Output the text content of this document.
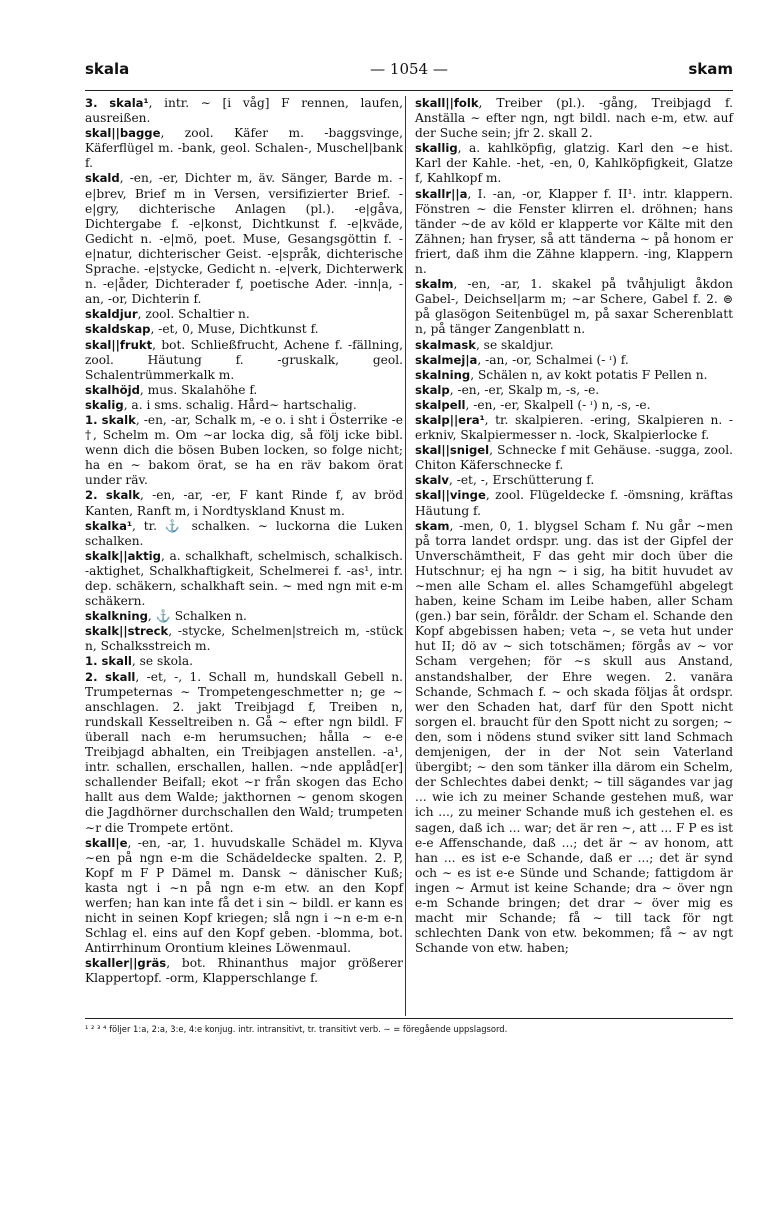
skala	— 1054 —	skam

3. skala¹, intr. ∼ [i våg] F rennen, laufen, ausreißen.

skal||bagge, zool. Käfer m. -baggsvinge, Käferflügel m. -bank, geol. Schalen-, Muschel|bank f.

skald, -en, -er, Dichter m, äv. Sänger, Barde m. -e|brev, Brief m in Versen, versifizierter Brief. -e|gry, dichterische Anlagen (pl.). -e|gåva, Dichtergabe f. -e|konst, Dichtkunst f. -e|kväde, Gedicht n. -e|mö, poet. Muse, Gesangsgöttin f. -e|natur, dichterischer Geist. -e|språk, dichterische Sprache. -e|stycke, Gedicht n. -e|verk, Dichterwerk n. -e|åder, Dichterader f, poetische Ader. -inn|a, -an, -or, Dichterin f.

skaldjur, zool. Schaltier n.

skaldskap, -et, 0, Muse, Dichtkunst f.

skal||frukt, bot. Schließfrucht, Achene f. -fällning, zool. Häutung f. -gruskalk, geol. Schalentrümmerkalk m.

skalhöjd, mus. Skalahöhe f.

skalig, a. i sms. schalig. Hård∼ hartschalig.

1. skalk, -en, -ar, Schalk m, -e o. i sht i Österrike -e †, Schelm m. Om ∼ar locka dig, så följ icke bibl. wenn dich die bösen Buben locken, so folge nicht; ha en ∼ bakom örat, se ha en räv bakom örat under räv.

2. skalk, -en, -ar, -er, F kant Rinde f, av bröd Kanten, Ranft m, i Nordtyskland Knust m.

skalka¹, tr. ⚓ schalken. ∼ luckorna die Luken schalken.

skalk||aktig, a. schalkhaft, schelmisch, schalkisch. -aktighet, Schalkhaftigkeit, Schelmerei f. -as¹, intr. dep. schäkern, schalkhaft sein. ∼ med ngn mit e-m schäkern.

skalkning, ⚓ Schalken n.

skalk||streck, -stycke, Schelmen|streich m, -stück n, Schalksstreich m.

1. skall, se skola.

2. skall, -et, -, 1. Schall m, hundskall Gebell n. Trumpeternas ∼ Trompetengeschmetter n; ge ∼ anschlagen. 2. jakt Treibjagd f, Treiben n, rundskall Kesseltreiben n. Gå ∼ efter ngn bildl. F überall nach e-m herumsuchen; hålla ∼ e-e Treibjagd abhalten, ein Treibjagen anstellen. -a¹, intr. schallen, erschallen, hallen. ∼nde applåd[er] schallender Beifall; ekot ∼r från skogen das Echo hallt aus dem Walde; jakthornen ∼ genom skogen die Jagdhörner durchschallen den Wald; trumpeten ∼r die Trompete ertönt.

skall|e, -en, -ar, 1. huvudskalle Schädel m. Klyva ∼en på ngn e-m die Schädeldecke spalten. 2. P, Kopf m F P Dämel m. Dansk ∼ dänischer Kuß; kasta ngt i ∼n på ngn e-m etw. an den Kopf werfen; han kan inte få det i sin ∼ bildl. er kann es nicht in seinen Kopf kriegen; slå ngn i ∼n e-m e-n Schlag el. eins auf den Kopf geben. -blomma, bot. Antirrhinum Orontium kleines Löwenmaul.

skaller||gräs, bot. Rhinanthus major größerer Klappertopf. -orm, Klapperschlange f.

skall||folk, Treiber (pl.). -gång, Treibjagd f. Anställa ∼ efter ngn, ngt bildl. nach e-m, etw. auf der Suche sein; jfr 2. skall 2.

skallig, a. kahlköpfig, glatzig. Karl den ∼e hist. Karl der Kahle. -het, -en, 0, Kahlköpfigkeit, Glatze f, Kahlkopf m.

skallr||a, I. -an, -or, Klapper f. II¹. intr. klappern. Fönstren ∼ die Fenster klirren el. dröhnen; hans tänder ∼de av köld er klapperte vor Kälte mit den Zähnen; han fryser, så att tänderna ∼ på honom er friert, daß ihm die Zähne klappern. -ing, Klappern n.

skalm, -en, -ar, 1. skakel på tvåhjuligt åkdon Gabel-, Deichsel|arm m; ∼ar Schere, Gabel f. 2. ⊜ på glasögon Seitenbügel m, på saxar Scherenblatt n, på tänger Zangenblatt n.

skalmask, se skaldjur.

skalmej|a, -an, -or, Schalmei (- ᶦ) f.

skalning, Schälen n, av kokt potatis F Pellen n.

skalp, -en, -er, Skalp m, -s, -e.

skalpell, -en, -er, Skalpell (- ᶦ) n, -s, -e.

skalp||era¹, tr. skalpieren. -ering, Skalpieren n. -erkniv, Skalpiermesser n. -lock, Skalpierlocke f.

skal||snigel, Schnecke f mit Gehäuse. -sugga, zool. Chiton Käferschnecke f.

skalv, -et, -, Erschütterung f.

skal||vinge, zool. Flügeldecke f. -ömsning, kräftas Häutung f.

skam, -men, 0, 1. blygsel Scham f. Nu går ∼men på torra landet ordspr. ung. das ist der Gipfel der Unverschämtheit, F das geht mir doch über die Hutschnur; ej ha ngn ∼ i sig, ha bitit huvudet av ∼men alle Scham el. alles Schamgefühl abgelegt haben, keine Scham im Leibe haben, aller Scham (gen.) bar sein, föråldr. der Scham el. Schande den Kopf abgebissen haben; veta ∼, se veta hut under hut II; dö av ∼ sich totschämen; förgås av ∼ vor Scham vergehen; för ∼s skull aus Anstand, anstandshalber, der Ehre wegen. 2. vanära Schande, Schmach f. ∼ och skada följas åt ordspr. wer den Schaden hat, darf für den Spott nicht sorgen el. braucht für den Spott nicht zu sorgen; ∼ den, som i nödens stund sviker sitt land Schmach demjenigen, der in der Not sein Vaterland übergibt; ∼ den som tänker illa därom ein Schelm, der Schlechtes dabei denkt; ∼ till sägandes var jag ... wie ich zu meiner Schande gestehen muß, war ich ..., zu meiner Schande muß ich gestehen el. es sagen, daß ich ... war; det är ren ∼, att ... F P es ist e-e Affenschande, daß ...; det är ∼ av honom, att han ... es ist e-e Schande, daß er ...; det är synd och ∼ es ist e-e Sünde und Schande; fattigdom är ingen ∼ Armut ist keine Schande; dra ∼ över ngn e-m Schande bringen; det drar ∼ över mig es macht mir Schande; få ∼ till tack för ngt schlechten Dank von etw. bekommen; få ∼ av ngt Schande von etw. haben;

¹ ² ³ ⁴ följer 1:a, 2:a, 3:e, 4:e konjug. intr. intransitivt, tr. transitivt verb. ∼ = föregående uppslagsord.
